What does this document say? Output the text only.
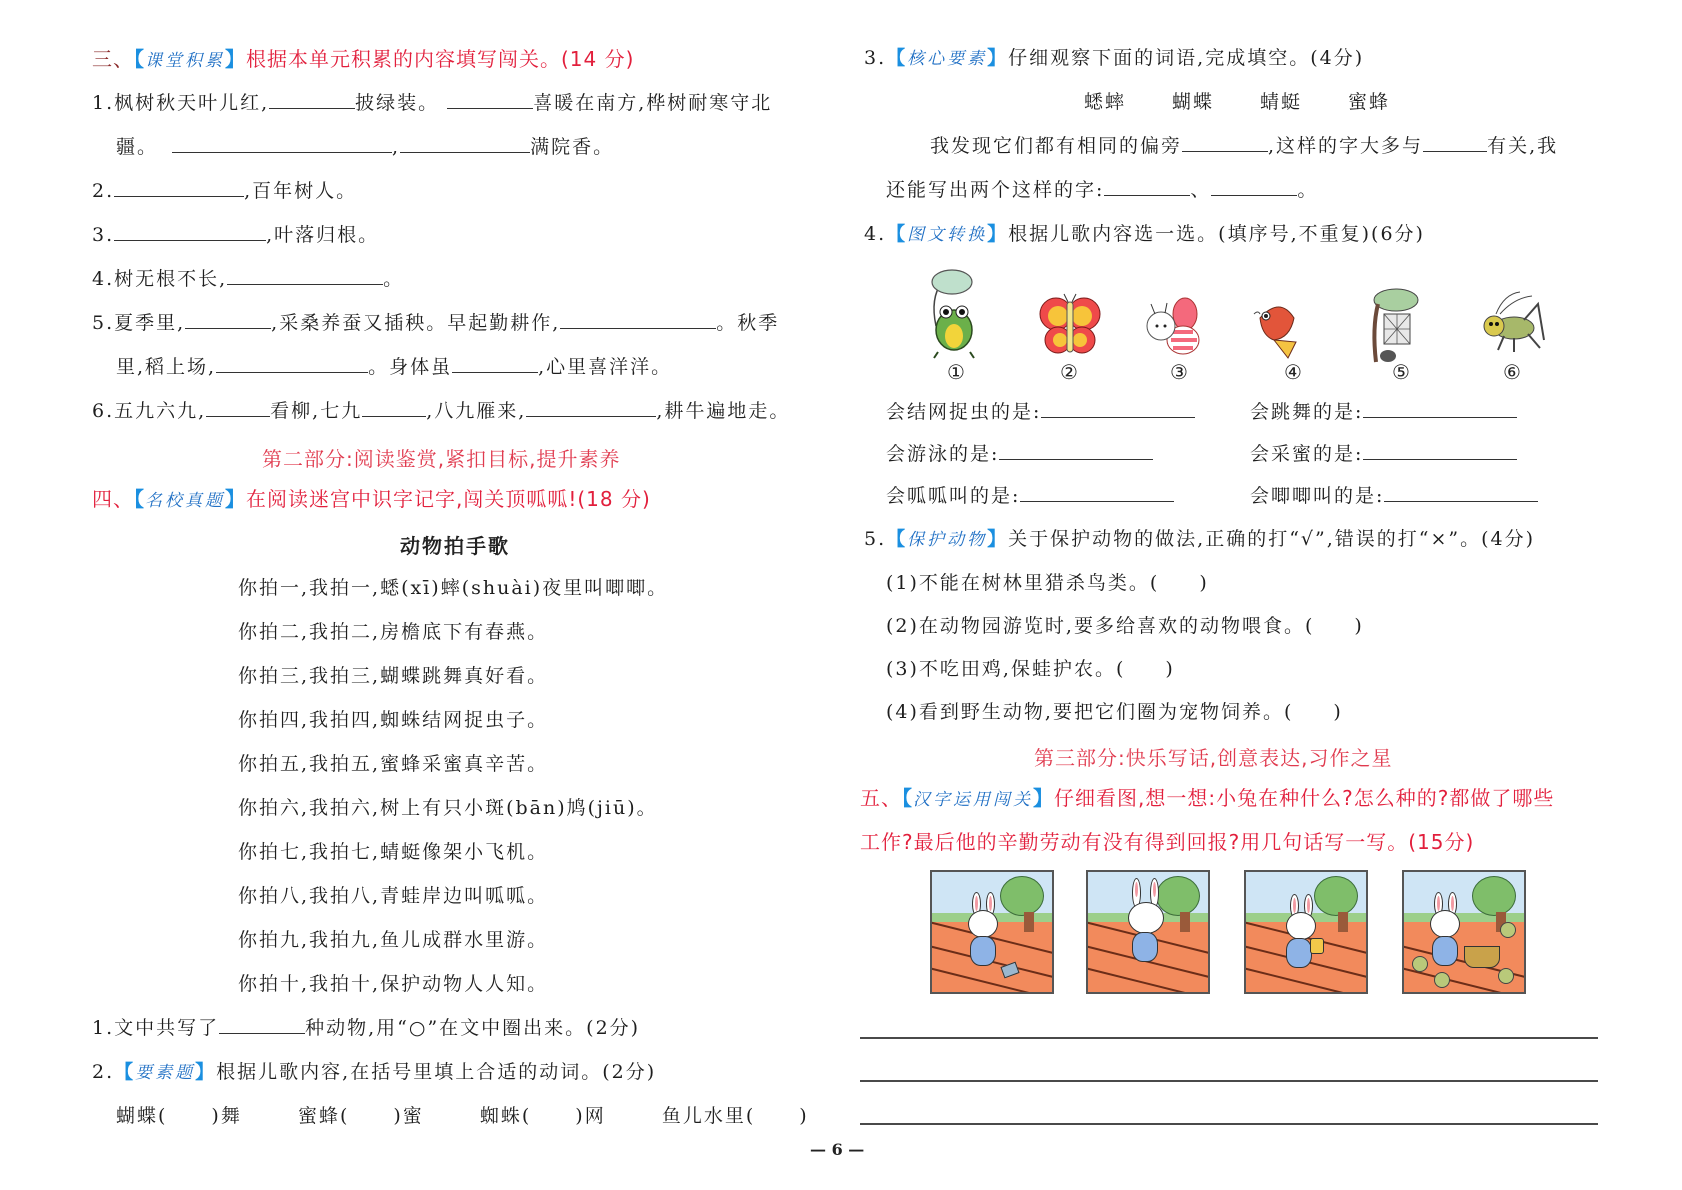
三、【课堂积累】根据本单元积累的内容填写闯关。(14 分)
1.枫树秋天叶儿红,	披绿装。	喜暖在南方,桦树耐寒守北
疆。	,	满院香。
2.	,百年树人。
3.	,叶落归根。
4.树无根不长,	。
5.夏季里,	,采桑养蚕又插秧。早起勤耕作,	。秋季
里,稻上场,	。身体虽	,心里喜洋洋。
6.五九六九,	看柳,七九	,八九雁来,	,耕牛遍地走。
第二部分:阅读鉴赏,紧扣目标,提升素养
四、【名校真题】在阅读迷宫中识字记字,闯关顶呱呱!(18 分)
动物拍手歌
你拍一,我拍一,蟋(xī)蟀(shuài)夜里叫唧唧。
你拍二,我拍二,房檐底下有春燕。
你拍三,我拍三,蝴蝶跳舞真好看。
你拍四,我拍四,蜘蛛结网捉虫子。
你拍五,我拍五,蜜蜂采蜜真辛苦。
你拍六,我拍六,树上有只小斑(bān)鸠(jiū)。
你拍七,我拍七,蜻蜓像架小飞机。
你拍八,我拍八,青蛙岸边叫呱呱。
你拍九,我拍九,鱼儿成群水里游。
你拍十,我拍十,保护动物人人知。
1.文中共写了	种动物,用“○”在文中圈出来。(2分)
2.【要素题】根据儿歌内容,在括号里填上合适的动词。(2分)
蝴蝶( )舞	蜜蜂( )蜜	蜘蛛( )网	鱼儿水里( )
3.【核心要素】仔细观察下面的词语,完成填空。(4分)
蟋蟀 蝴蝶 蜻蜓 蜜蜂
我发现它们都有相同的偏旁	,这样的字大多与	有关,我
还能写出两个这样的字:	、	。
4.【图文转换】根据儿歌内容选一选。(填序号,不重复)(6分)
①	②	③	④	⑤	⑥
会结网捉虫的是:	会跳舞的是:
会游泳的是:	会采蜜的是:
会呱呱叫的是:	会唧唧叫的是:
5.【保护动物】关于保护动物的做法,正确的打“√”,错误的打“×”。(4分)
(1)不能在树林里猎杀鸟类。( )
(2)在动物园游览时,要多给喜欢的动物喂食。( )
(3)不吃田鸡,保蛙护农。( )
(4)看到野生动物,要把它们圈为宠物饲养。( )
第三部分:快乐写话,创意表达,习作之星
五、【汉字运用闯关】仔细看图,想一想:小兔在种什么?怎么种的?都做了哪些
工作?最后他的辛勤劳动有没有得到回报?用几句话写一写。(15分)
— 6 —
